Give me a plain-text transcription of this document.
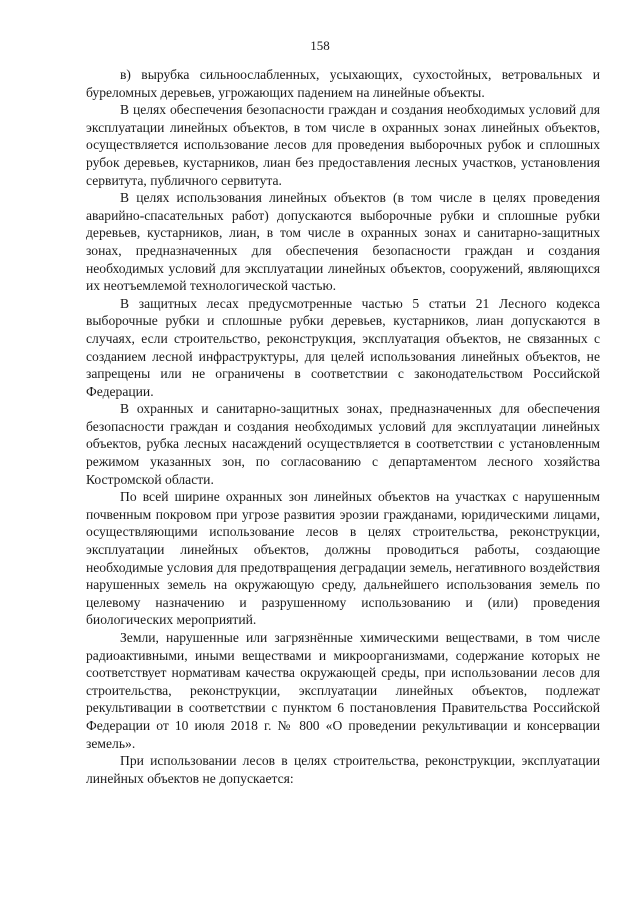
158

в) вырубка сильноослабленных, усыхающих, сухостойных, ветровальных и буреломных деревьев, угрожающих падением на линейные объекты.

В целях обеспечения безопасности граждан и создания необходимых условий для эксплуатации линейных объектов, в том числе в охранных зонах линейных объектов, осуществляется использование лесов для проведения выборочных рубок и сплошных рубок деревьев, кустарников, лиан без предоставления лесных участков, установления сервитута, публичного сервитута.

В целях использования линейных объектов (в том числе в целях проведения аварийно-спасательных работ) допускаются выборочные рубки и сплошные рубки деревьев, кустарников, лиан, в том числе в охранных зонах и санитарно-защитных зонах, предназначенных для обеспечения безопасности граждан и создания необходимых условий для эксплуатации линейных объектов, сооружений, являющихся их неотъемлемой технологической частью.

В защитных лесах предусмотренные частью 5 статьи 21 Лесного кодекса выборочные рубки и сплошные рубки деревьев, кустарников, лиан допускаются в случаях, если строительство, реконструкция, эксплуатация объектов, не связанных с созданием лесной инфраструктуры, для целей использования линейных объектов, не запрещены или не ограничены в соответствии с законодательством Российской Федерации.

В охранных и санитарно-защитных зонах, предназначенных для обеспечения безопасности граждан и создания необходимых условий для эксплуатации линейных объектов, рубка лесных насаждений осуществляется в соответствии с установленным режимом указанных зон, по согласованию с департаментом лесного хозяйства Костромской области.

По всей ширине охранных зон линейных объектов на участках с нарушенным почвенным покровом при угрозе развития эрозии гражданами, юридическими лицами, осуществляющими использование лесов в целях строительства, реконструкции, эксплуатации линейных объектов, должны проводиться работы, создающие необходимые условия для предотвращения деградации земель, негативного воздействия нарушенных земель на окружающую среду, дальнейшего использования земель по целевому назначению и разрушенному использованию и (или) проведения биологических мероприятий.

Земли, нарушенные или загрязнённые химическими веществами, в том числе радиоактивными, иными веществами и микроорганизмами, содержание которых не соответствует нормативам качества окружающей среды, при использовании лесов для строительства, реконструкции, эксплуатации линейных объектов, подлежат рекультивации в соответствии с пунктом 6 постановления Правительства Российской Федерации от 10 июля 2018 г. № 800 «О проведении рекультивации и консервации земель».

При использовании лесов в целях строительства, реконструкции, эксплуатации линейных объектов не допускается:
